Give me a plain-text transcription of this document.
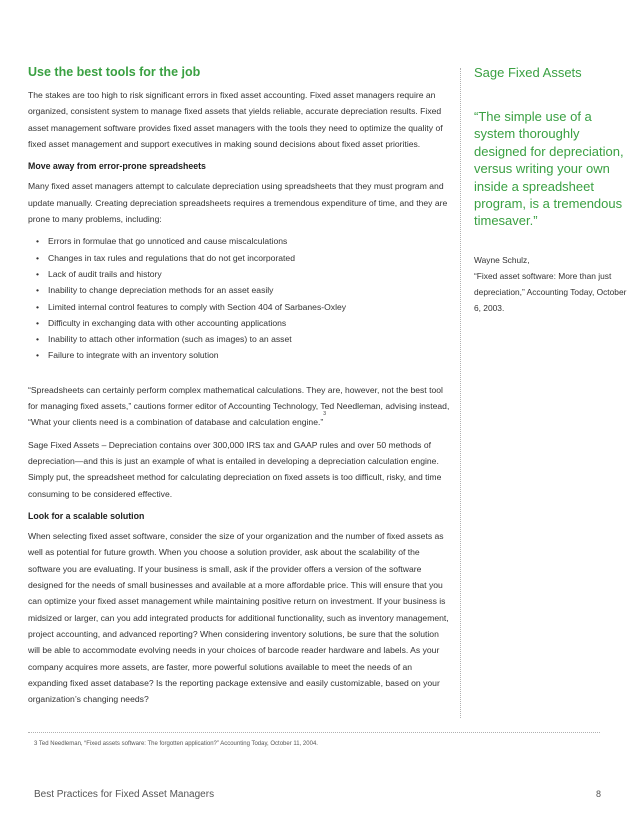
Use the best tools for the job

The stakes are too high to risk significant errors in fixed asset accounting. Fixed asset managers require an organized, consistent system to manage fixed assets that yields reliable, accurate depreciation results. Fixed asset management software provides fixed asset managers with the tools they need to optimize the quality of fixed asset management and support executives in making sound decisions about fixed asset priorities.

Move away from error-prone spreadsheets

Many fixed asset managers attempt to calculate depreciation using spreadsheets that they must program and update manually. Creating depreciation spreadsheets requires a tremendous expenditure of time, and they are prone to many problems, including:

• Errors in formulae that go unnoticed and cause miscalculations
• Changes in tax rules and regulations that do not get incorporated
• Lack of audit trails and history
• Inability to change depreciation methods for an asset easily
• Limited internal control features to comply with Section 404 of Sarbanes-Oxley
• Difficulty in exchanging data with other accounting applications
• Inability to attach other information (such as images) to an asset
• Failure to integrate with an inventory solution

“Spreadsheets can certainly perform complex mathematical calculations. They are, however, not the best tool for managing fixed assets,” cautions former editor of Accounting Technology, Ted Needleman, advising instead, “What your clients need is a combination of database and calculation engine.”$^3$

Sage Fixed Assets – Depreciation contains over 300,000 IRS tax and GAAP rules and over 50 methods of depreciation—and this is just an example of what is entailed in developing a depreciation calculation engine. Simply put, the spreadsheet method for calculating depreciation on fixed assets is too difficult, risky, and time consuming to be considered effective.

Look for a scalable solution

When selecting fixed asset software, consider the size of your organization and the number of fixed assets as well as potential for future growth. When you choose a solution provider, ask about the scalability of the software you are evaluating. If your business is small, ask if the provider offers a version of the software designed for the needs of small businesses and available at a more affordable price. This will ensure that you can optimize your fixed asset management while maintaining positive return on investment. If your business is midsized or larger, can you add integrated products for additional functionality, such as inventory management, project accounting, and advanced reporting? When considering inventory solutions, be sure that the solution will be able to accommodate evolving needs in your choices of barcode reader hardware and labels. As your company acquires more assets, are faster, more powerful solutions available to meet the needs of an expanding fixed asset database? Is the reporting package extensive and easily customizable, based on your organization’s changing needs?

Sage Fixed Assets
“The simple use of a system thoroughly designed for depreciation, versus writing your own inside a spreadsheet program, is a tremendous timesaver.”
Wayne Schulz,
“Fixed asset software: More than just depreciation,” Accounting Today, October 6, 2003.
3 Ted Needleman, “Fixed assets software: The forgotten application?” Accounting Today, October 11, 2004.
Best Practices for Fixed Asset Managers	8
